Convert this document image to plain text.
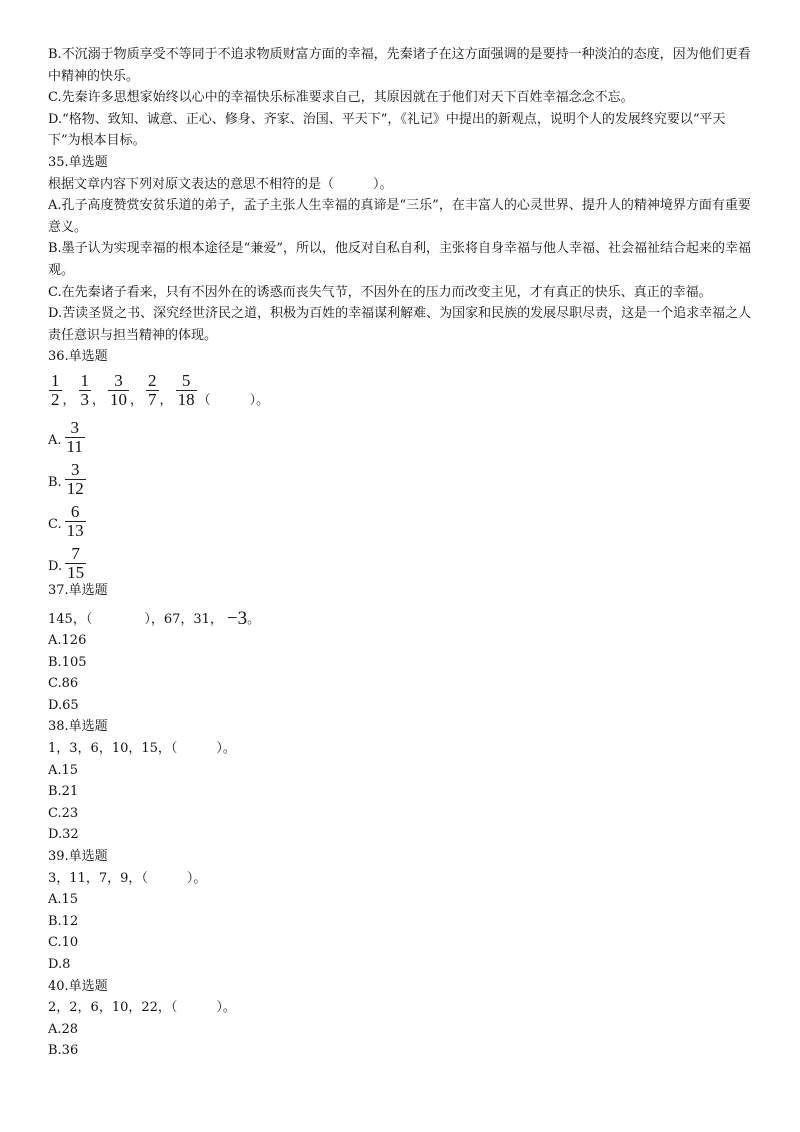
B.不沉溺于物质享受不等同于不追求物质财富方面的幸福，先秦诸子在这方面强调的是要持一种淡泊的态度，因为他们更看中精神的快乐。

C.先秦许多思想家始终以心中的幸福快乐标准要求自己，其原因就在于他们对天下百姓幸福念念不忘。

D.“格物、致知、诚意、正心、修身、齐家、治国、平天下”，《礼记》中提出的新观点，说明个人的发展终究要以“平天下”为根本目标。

35.单选题

根据文章内容下列对原文表达的意思不相符的是（　　　）。

A.孔子高度赞赏安贫乐道的弟子，孟子主张人生幸福的真谛是“三乐”，在丰富人的心灵世界、提升人的精神境界方面有重要意义。

B.墨子认为实现幸福的根本途径是“兼爱”，所以，他反对自私自利，主张将自身幸福与他人幸福、社会福祉结合起来的幸福观。

C.在先秦诸子看来，只有不因外在的诱惑而丧失气节，不因外在的压力而改变主见，才有真正的快乐、真正的幸福。

D.苦读圣贤之书、深究经世济民之道，积极为百姓的幸福谋利解难、为国家和民族的发展尽职尽责，这是一个追求幸福之人责任意识与担当精神的体现。

36.单选题

$\frac{1}{2}$ ， $\frac{1}{3}$ ， $\frac{3}{10}$ ， $\frac{2}{7}$ ， $\frac{5}{18}$ （　　　）。
A. $\frac{3}{11}$
B. $\frac{3}{12}$
C. $\frac{6}{13}$
D. $\frac{7}{15}$

37.单选题

145，（　　　　），67，31， −3。

A.126

B.105

C.86

D.65

38.单选题

1，3，6，10，15，（　　　）。

A.15

B.21

C.23

D.32

39.单选题

3，11，7，9，（　　　）。

A.15

B.12

C.10

D.8

40.单选题

2，2，6，10，22，（　　　）。

A.28

B.36
